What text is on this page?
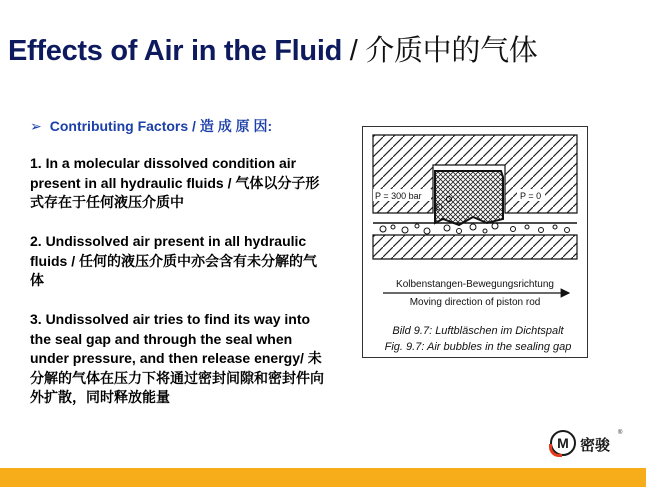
Effects of Air in the Fluid / 介质中的气体
➢ Contributing Factors / 造 成 原 因:
1. In a molecular dissolved condition air present in all hydraulic fluids / 气体以分子形式存在于任何液压介质中
2. Undissolved air present in all hydraulic fluids / 任何的液压介质中亦会含有未分解的气体
3. Undissolved air tries to find its way into the seal gap and through the seal when under pressure, and then release energy/ 未分解的气体在压力下将通过密封间隙和密封件向外扩散，同时释放能量
P = 300 bar	P = 0
Kolbenstangen-Bewegungsrichtung
Moving direction of piston rod
Bild 9.7: Luftbläschen im Dichtspalt
Fig. 9.7: Air bubbles in the sealing gap
M 密骏
®
